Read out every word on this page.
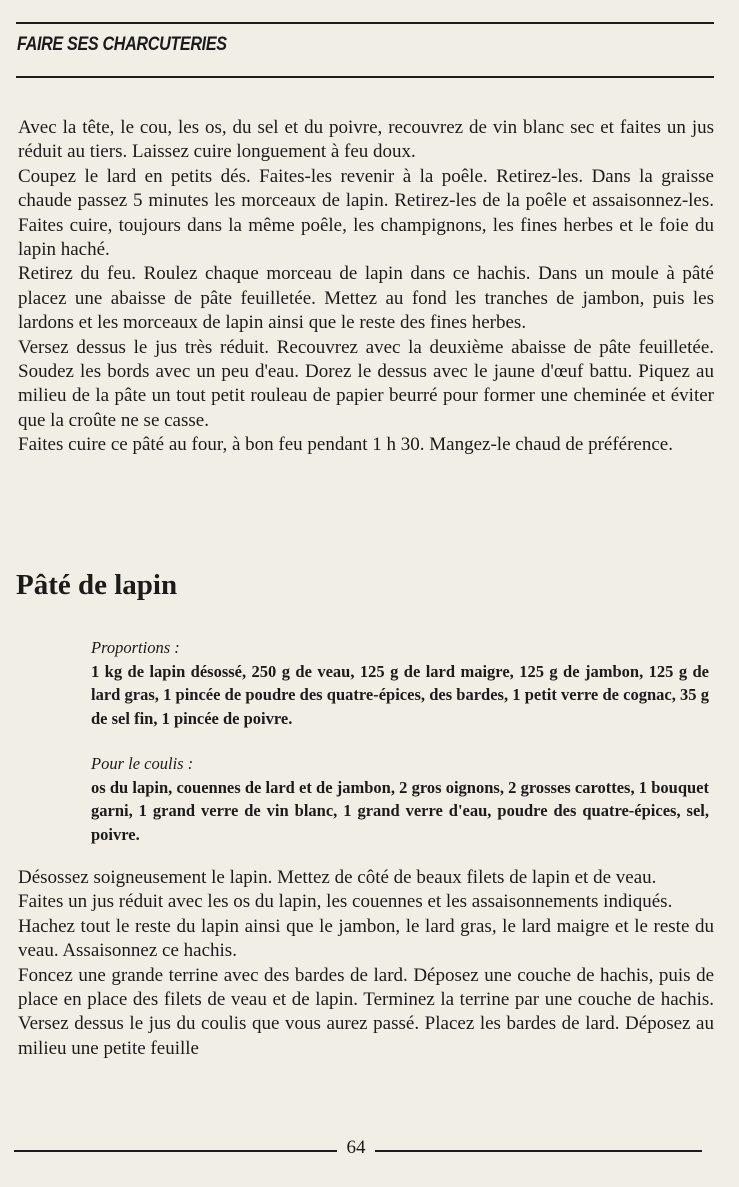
FAIRE SES CHARCUTERIES

Avec la tête, le cou, les os, du sel et du poivre, recouvrez de vin blanc sec et faites un jus réduit au tiers. Laissez cuire longuement à feu doux.

Coupez le lard en petits dés. Faites-les revenir à la poêle. Retirez-les. Dans la graisse chaude passez 5 minutes les morceaux de lapin. Retirez-les de la poêle et assaisonnez-les. Faites cuire, toujours dans la même poêle, les champignons, les fines herbes et le foie du lapin haché.

Retirez du feu. Roulez chaque morceau de lapin dans ce hachis. Dans un moule à pâté placez une abaisse de pâte feuilletée. Mettez au fond les tranches de jambon, puis les lardons et les morceaux de lapin ainsi que le reste des fines herbes.

Versez dessus le jus très réduit. Recouvrez avec la deuxième abaisse de pâte feuilletée. Soudez les bords avec un peu d'eau. Dorez le dessus avec le jaune d'œuf battu. Piquez au milieu de la pâte un tout petit rouleau de papier beurré pour former une cheminée et éviter que la croûte ne se casse.

Faites cuire ce pâté au four, à bon feu pendant 1 h 30. Mangez-le chaud de préférence.

Pâté de lapin

Proportions :

1 kg de lapin désossé, 250 g de veau, 125 g de lard maigre, 125 g de jambon, 125 g de lard gras, 1 pincée de poudre des quatre-épices, des bardes, 1 petit verre de cognac, 35 g de sel fin, 1 pincée de poivre.

Pour le coulis :

os du lapin, couennes de lard et de jambon, 2 gros oignons, 2 grosses carottes, 1 bouquet garni, 1 grand verre de vin blanc, 1 grand verre d'eau, poudre des quatre-épices, sel, poivre.

Désossez soigneusement le lapin. Mettez de côté de beaux filets de lapin et de veau.

Faites un jus réduit avec les os du lapin, les couennes et les assaisonnements indiqués.

Hachez tout le reste du lapin ainsi que le jambon, le lard gras, le lard maigre et le reste du veau. Assaisonnez ce hachis.

Foncez une grande terrine avec des bardes de lard. Déposez une couche de hachis, puis de place en place des filets de veau et de lapin. Terminez la terrine par une couche de hachis. Versez dessus le jus du coulis que vous aurez passé. Placez les bardes de lard. Déposez au milieu une petite feuille

64
